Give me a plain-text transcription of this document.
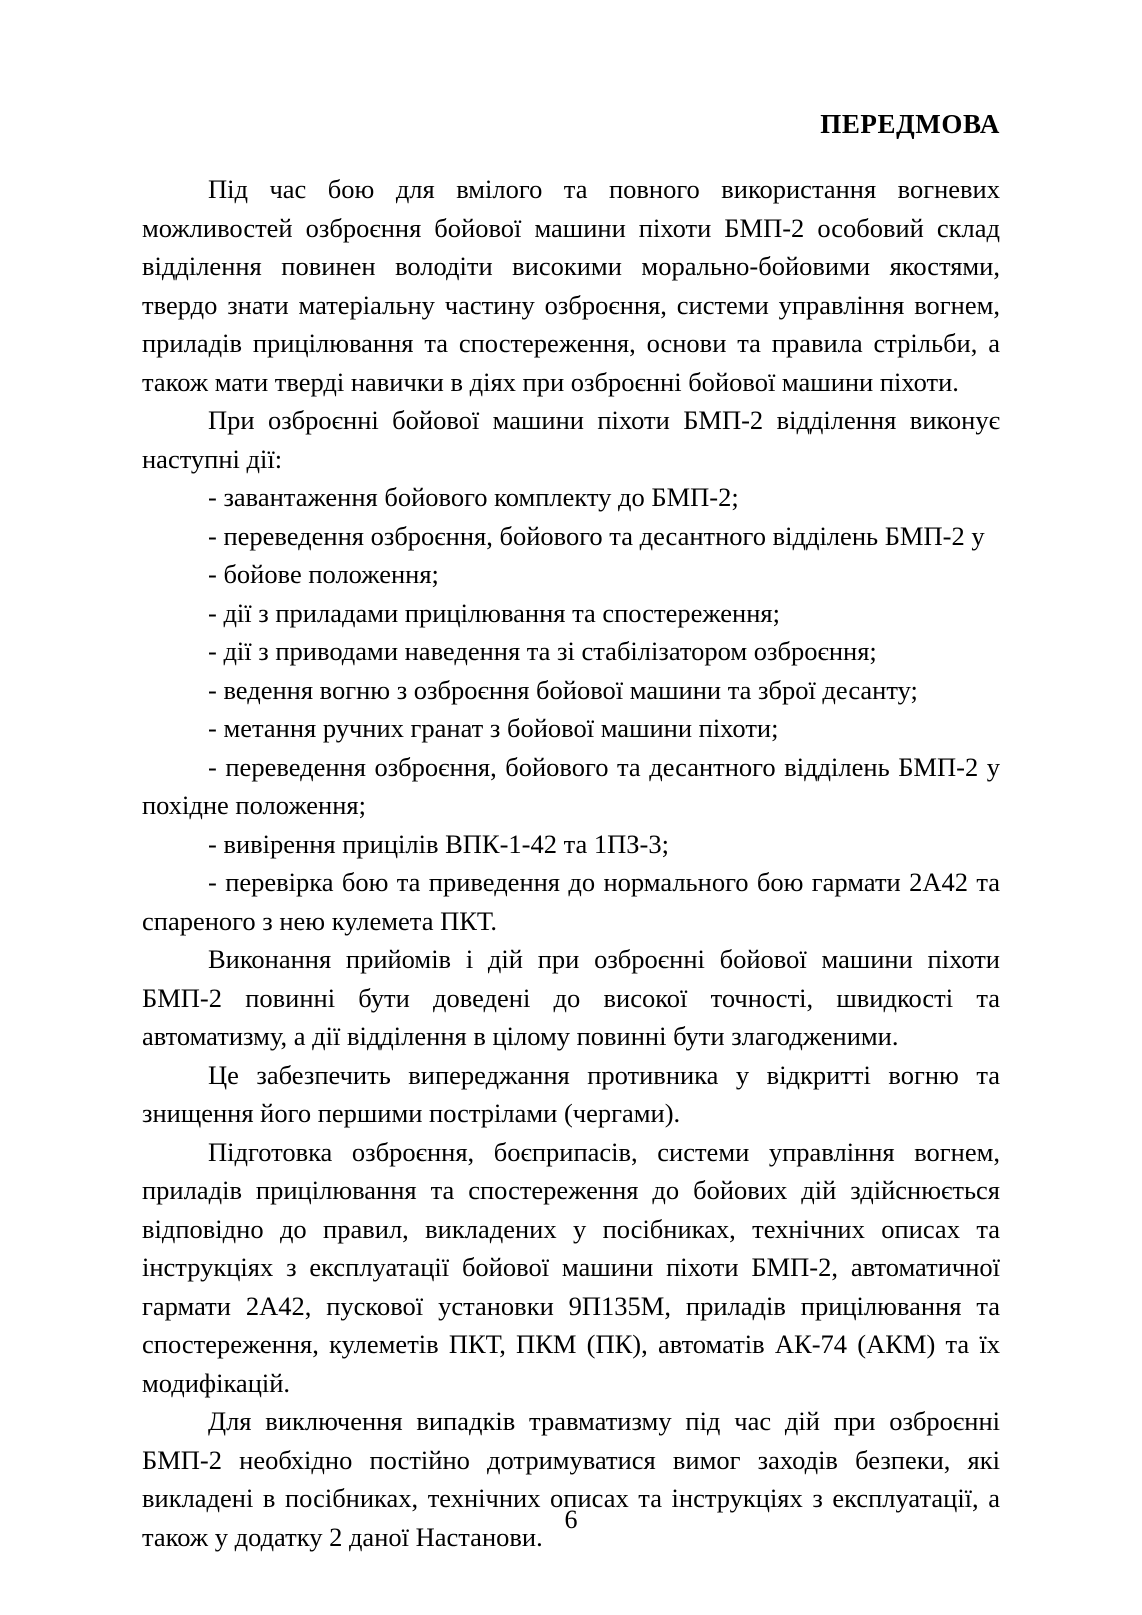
ПЕРЕДМОВА

Під час бою для вмілого та повного використання вогневих можливостей озброєння бойової машини піхоти БМП-2 особовий склад відділення повинен володіти високими морально-бойовими якостями, твердо знати матеріальну частину озброєння, системи управління вогнем, приладів прицілювання та спостереження, основи та правила стрільби, а також мати тверді навички в діях при озброєнні бойової машини піхоти.

При озброєнні бойової машини піхоти БМП-2 відділення виконує наступні дії:

- завантаження бойового комплекту до БМП-2;
- переведення озброєння, бойового та десантного відділень БМП-2 у
- бойове положення;
- дії з приладами прицілювання та спостереження;
- дії з приводами наведення та зі стабілізатором озброєння;
- ведення вогню з озброєння бойової машини та зброї десанту;
- метання ручних гранат з бойової машини піхоти;
- переведення озброєння, бойового та десантного відділень БМП-2 у похідне положення;
- вивірення прицілів ВПК-1-42 та 1ПЗ-3;
- перевірка бою та приведення до нормального бою гармати 2А42 та спареного з нею кулемета ПКТ.

Виконання прийомів і дій при озброєнні бойової машини піхоти БМП-2 повинні бути доведені до високої точності, швидкості та автоматизму, а дії відділення в цілому повинні бути злагодженими.

Це забезпечить випереджання противника у відкритті вогню та знищення його першими пострілами (чергами).

Підготовка озброєння, боєприпасів, системи управління вогнем, приладів прицілювання та спостереження до бойових дій здійснюється відповідно до правил, викладених у посібниках, технічних описах та інструкціях з експлуатації бойової машини піхоти БМП-2, автоматичної гармати 2А42, пускової установки 9П135М, приладів прицілювання та спостереження, кулеметів ПКТ, ПКМ (ПК), автоматів АК-74 (АКМ) та їх модифікацій.

Для виключення випадків травматизму під час дій при озброєнні БМП-2 необхідно постійно дотримуватися вимог заходів безпеки, які викладені в посібниках, технічних описах та інструкціях з експлуатації, а також у додатку 2 даної Настанови.

6
